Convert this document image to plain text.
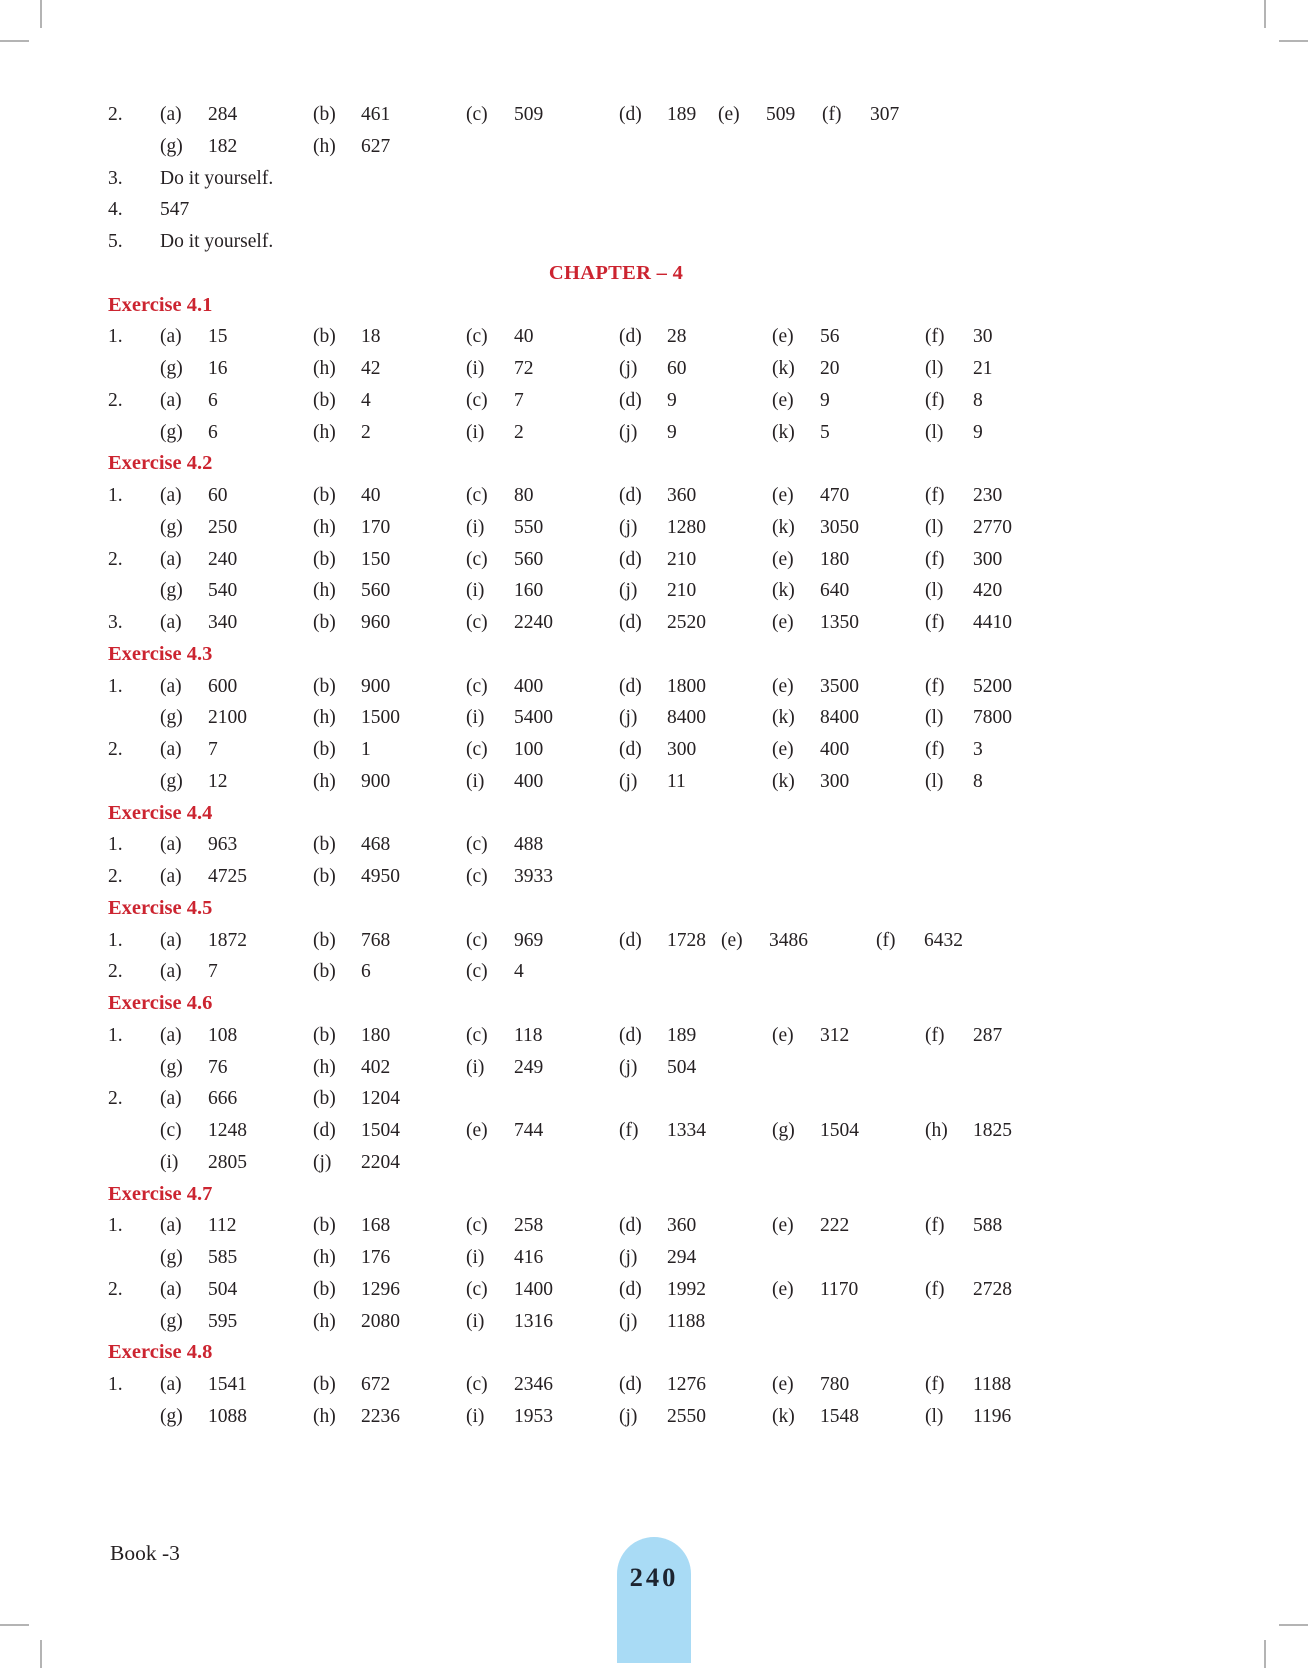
2.	(a)	284	(b)	461	(c)	509	(d)	189	(e)	509	(f)	307
(g)	182	(h)	627
3.	Do it yourself.
4.	547
5.	Do it yourself.
CHAPTER – 4
Exercise 4.1
1.	(a)	15	(b)	18	(c)	40	(d)	28	(e)	56	(f)	30
(g)	16	(h)	42	(i)	72	(j)	60	(k)	20	(l)	21
2.	(a)	6	(b)	4	(c)	7	(d)	9	(e)	9	(f)	8
(g)	6	(h)	2	(i)	2	(j)	9	(k)	5	(l)	9
Exercise 4.2
1.	(a)	60	(b)	40	(c)	80	(d)	360	(e)	470	(f)	230
(g)	250	(h)	170	(i)	550	(j)	1280	(k)	3050	(l)	2770
2.	(a)	240	(b)	150	(c)	560	(d)	210	(e)	180	(f)	300
(g)	540	(h)	560	(i)	160	(j)	210	(k)	640	(l)	420
3.	(a)	340	(b)	960	(c)	2240	(d)	2520	(e)	1350	(f)	4410
Exercise 4.3
1.	(a)	600	(b)	900	(c)	400	(d)	1800	(e)	3500	(f)	5200
(g)	2100	(h)	1500	(i)	5400	(j)	8400	(k)	8400	(l)	7800
2.	(a)	7	(b)	1	(c)	100	(d)	300	(e)	400	(f)	3
(g)	12	(h)	900	(i)	400	(j)	11	(k)	300	(l)	8
Exercise 4.4
1.	(a)	963	(b)	468	(c)	488
2.	(a)	4725	(b)	4950	(c)	3933
Exercise 4.5
1.	(a)	1872	(b)	768	(c)	969	(d)	1728 (e)	3486	(f)	6432
2.	(a)	7	(b)	6	(c)	4
Exercise 4.6
1.	(a)	108	(b)	180	(c)	118	(d)	189	(e)	312	(f)	287
(g)	76	(h)	402	(i)	249	(j)	504
2.	(a)	666	(b)	1204
(c)	1248	(d)	1504	(e)	744	(f)	1334	(g)	1504	(h)	1825
(i)	2805	(j)	2204
Exercise 4.7
1.	(a)	112	(b)	168	(c)	258	(d)	360	(e)	222	(f)	588
(g)	585	(h)	176	(i)	416	(j)	294
2.	(a)	504	(b)	1296	(c)	1400	(d)	1992	(e)	1170	(f)	2728
(g)	595	(h)	2080	(i)	1316	(j)	1188
Exercise 4.8
1.	(a)	1541	(b)	672	(c)	2346	(d)	1276	(e)	780	(f)	1188
(g)	1088	(h)	2236	(i)	1953	(j)	2550	(k)	1548	(l)	1196
Book -3
240
